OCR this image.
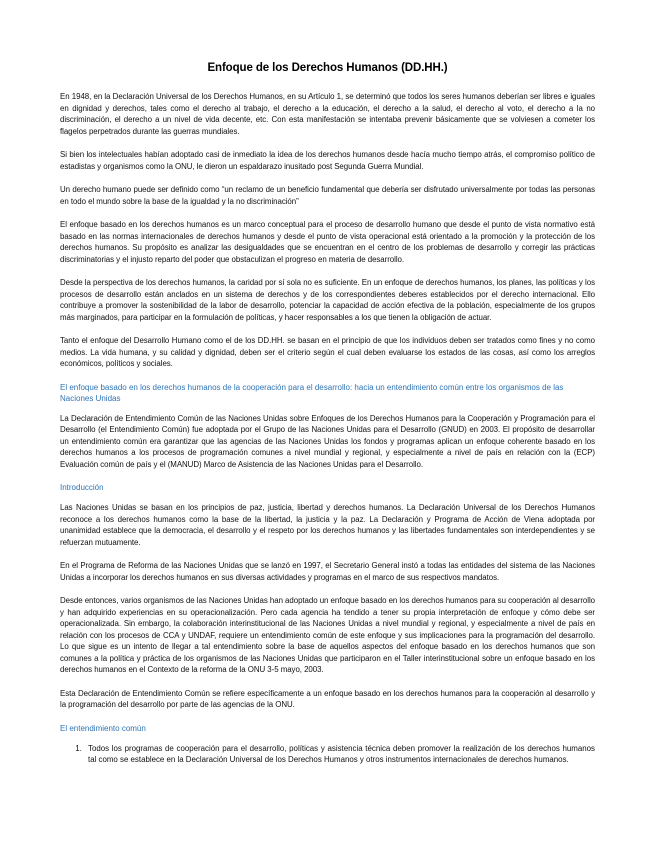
Enfoque de los Derechos Humanos (DD.HH.)

En 1948, en la Declaración Universal de los Derechos Humanos, en su Artículo 1, se determinó que todos los seres humanos deberían ser libres e iguales en dignidad y derechos, tales como el derecho al trabajo, el derecho a la educación, el derecho a la salud, el derecho al voto, el derecho a la no discriminación, el derecho a un nivel de vida decente, etc. Con esta manifestación se intentaba prevenir básicamente que se volviesen a cometer los flagelos perpetrados durante las guerras mundiales.

Si bien los intelectuales habían adoptado casi de inmediato la idea de los derechos humanos desde hacía mucho tiempo atrás, el compromiso político de estadistas y organismos como la ONU, le dieron un espaldarazo inusitado post Segunda Guerra Mundial.

Un derecho humano puede ser definido como “un reclamo de un beneficio fundamental que debería ser disfrutado universalmente por todas las personas en todo el mundo sobre la base de la igualdad y la no discriminación”

El enfoque basado en los derechos humanos es un marco conceptual para el proceso de desarrollo humano que desde el punto de vista normativo está basado en las normas internacionales de derechos humanos y desde el punto de vista operacional está orientado a la promoción y la protección de los derechos humanos. Su propósito es analizar las desigualdades que se encuentran en el centro de los problemas de desarrollo y corregir las prácticas discriminatorias y el injusto reparto del poder que obstaculizan el progreso en materia de desarrollo.

Desde la perspectiva de los derechos humanos, la caridad por sí sola no es suficiente. En un enfoque de derechos humanos, los planes, las políticas y los procesos de desarrollo están anclados en un sistema de derechos y de los correspondientes deberes establecidos por el derecho internacional. Ello contribuye a promover la sostenibilidad de la labor de desarrollo, potenciar la capacidad de acción efectiva de la población, especialmente de los grupos más marginados, para participar en la formulación de políticas, y hacer responsables a los que tienen la obligación de actuar.

Tanto el enfoque del Desarrollo Humano como el de los DD.HH. se basan en el principio de que los individuos deben ser tratados como fines y no como medios. La vida humana, y su calidad y dignidad, deben ser el criterio según el cual deben evaluarse los estados de las cosas, así como los arreglos económicos, políticos y sociales.

El enfoque basado en los derechos humanos de la cooperación para el desarrollo: hacia un entendimiento común entre los organismos de las Naciones Unidas

La Declaración de Entendimiento Común de las Naciones Unidas sobre Enfoques de los Derechos Humanos para la Cooperación y Programación para el Desarrollo (el Entendimiento Común) fue adoptada por el Grupo de las Naciones Unidas para el Desarrollo (GNUD) en 2003. El propósito de desarrollar un entendimiento común era garantizar que las agencias de las Naciones Unidas los fondos y programas aplican un enfoque coherente basado en los derechos humanos a los procesos de programación comunes a nivel mundial y regional, y especialmente a nivel de país en relación con la (ECP) Evaluación común de país y el (MANUD) Marco de Asistencia de las Naciones Unidas para el Desarrollo.

Introducción

Las Naciones Unidas se basan en los principios de paz, justicia, libertad y derechos humanos. La Declaración Universal de los Derechos Humanos reconoce a los derechos humanos como la base de la libertad, la justicia y la paz. La Declaración y Programa de Acción de Viena adoptada por unanimidad establece que la democracia, el desarrollo y el respeto por los derechos humanos y las libertades fundamentales son interdependientes y se refuerzan mutuamente.

En el Programa de Reforma de las Naciones Unidas que se lanzó en 1997, el Secretario General instó a todas las entidades del sistema de las Naciones Unidas a incorporar los derechos humanos en sus diversas actividades y programas en el marco de sus respectivos mandatos.

Desde entonces, varios organismos de las Naciones Unidas han adoptado un enfoque basado en los derechos humanos para su cooperación al desarrollo y han adquirido experiencias en su operacionalización. Pero cada agencia ha tendido a tener su propia interpretación de enfoque y cómo debe ser operacionalizada. Sin embargo, la colaboración interinstitucional de las Naciones Unidas a nivel mundial y regional, y especialmente a nivel de país en relación con los procesos de CCA y UNDAF, requiere un entendimiento común de este enfoque y sus implicaciones para la programación del desarrollo. Lo que sigue es un intento de llegar a tal entendimiento sobre la base de aquellos aspectos del enfoque basado en los derechos humanos que son comunes a la política y práctica de los organismos de las Naciones Unidas que participaron en el Taller interinstitucional sobre un enfoque basado en los derechos humanos en el Contexto de la reforma de la ONU 3-5 mayo, 2003.

Esta Declaración de Entendimiento Común se refiere específicamente a un enfoque basado en los derechos humanos para la cooperación al desarrollo y la programación del desarrollo por parte de las agencias de la ONU.

El entendimiento común
1. Todos los programas de cooperación para el desarrollo, políticas y asistencia técnica deben promover la realización de los derechos humanos tal como se establece en la Declaración Universal de los Derechos Humanos y otros instrumentos internacionales de derechos humanos.
